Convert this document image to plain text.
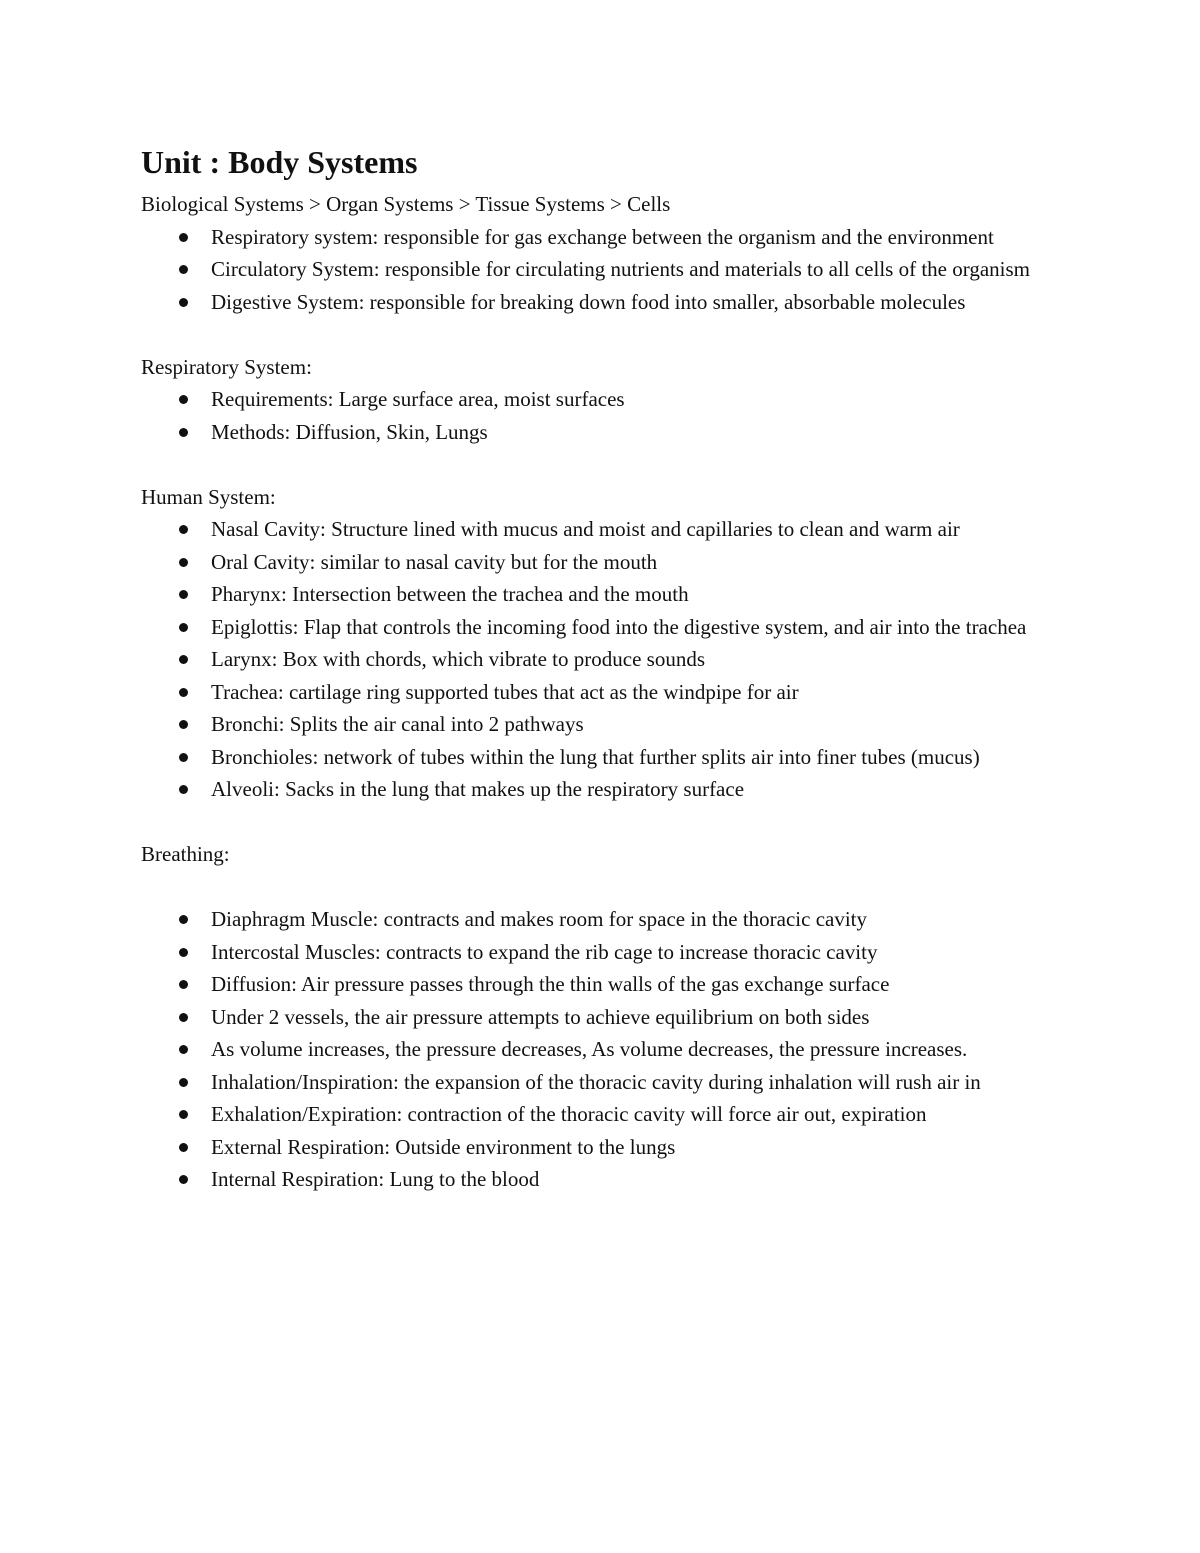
Unit : Body Systems

Biological Systems > Organ Systems > Tissue Systems > Cells

Respiratory system: responsible for gas exchange between the organism and the environment
Circulatory System: responsible for circulating nutrients and materials to all cells of the organism
Digestive System: responsible for breaking down food into smaller, absorbable molecules

Respiratory System:

Requirements: Large surface area, moist surfaces
Methods: Diffusion, Skin, Lungs

Human System:

Nasal Cavity: Structure lined with mucus and moist and capillaries to clean and warm air
Oral Cavity: similar to nasal cavity but for the mouth
Pharynx: Intersection between the trachea and the mouth
Epiglottis: Flap that controls the incoming food into the digestive system, and air into the trachea
Larynx: Box with chords, which vibrate to produce sounds
Trachea: cartilage ring supported tubes that act as the windpipe for air
Bronchi: Splits the air canal into 2 pathways
Bronchioles: network of tubes within the lung that further splits air into finer tubes (mucus)
Alveoli: Sacks in the lung that makes up the respiratory surface

Breathing:

Diaphragm Muscle: contracts and makes room for space in the thoracic cavity
Intercostal Muscles: contracts to expand the rib cage to increase thoracic cavity
Diffusion: Air pressure passes through the thin walls of the gas exchange surface
Under 2 vessels, the air pressure attempts to achieve equilibrium on both sides
As volume increases, the pressure decreases, As volume decreases, the pressure increases.
Inhalation/Inspiration: the expansion of the thoracic cavity during inhalation will rush air in
Exhalation/Expiration: contraction of the thoracic cavity will force air out, expiration
External Respiration: Outside environment to the lungs
Internal Respiration: Lung to the blood
